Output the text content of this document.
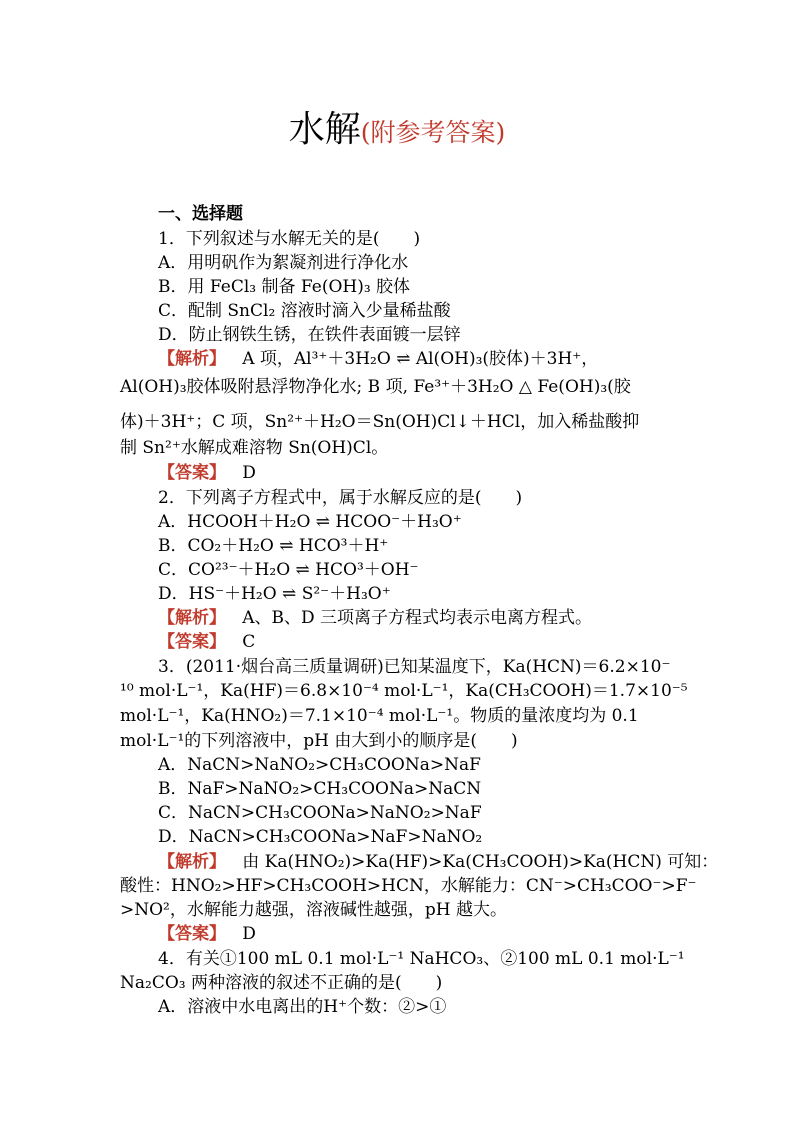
水解(附参考答案)
一、选择题
1．下列叙述与水解无关的是(　　)
A．用明矾作为絮凝剂进行净化水
B．用 FeCl₃ 制备 Fe(OH)₃ 胶体
C．配制 SnCl₂ 溶液时滴入少量稀盐酸
D．防止钢铁生锈，在铁件表面镀一层锌
【解析】 A 项，Al³⁺＋3H₂O ⇌ Al(OH)₃(胶体)＋3H⁺，
Al(OH)₃胶体吸附悬浮物净化水; B 项, Fe³⁺＋3H₂O △ Fe(OH)₃(胶
体)＋3H⁺；C 项，Sn²⁺＋H₂O＝Sn(OH)Cl↓＋HCl，加入稀盐酸抑
制 Sn²⁺水解成难溶物 Sn(OH)Cl。
【答案】 D
2．下列离子方程式中，属于水解反应的是(　　)
A．HCOOH＋H₂O ⇌ HCOO⁻＋H₃O⁺
B．CO₂＋H₂O ⇌ HCO³＋H⁺
C．CO²³⁻＋H₂O ⇌ HCO³＋OH⁻
D．HS⁻＋H₂O ⇌ S²⁻＋H₃O⁺
【解析】 A、B、D 三项离子方程式均表示电离方程式。
【答案】 C
3．(2011·烟台高三质量调研)已知某温度下，Ka(HCN)＝6.2×10⁻
¹⁰ mol·L⁻¹，Ka(HF)＝6.8×10⁻⁴ mol·L⁻¹，Ka(CH₃COOH)＝1.7×10⁻⁵
mol·L⁻¹，Ka(HNO₂)＝7.1×10⁻⁴ mol·L⁻¹。物质的量浓度均为 0.1
mol·L⁻¹的下列溶液中，pH 由大到小的顺序是(　　)
A．NaCN>NaNO₂>CH₃COONa>NaF
B．NaF>NaNO₂>CH₃COONa>NaCN
C．NaCN>CH₃COONa>NaNO₂>NaF
D．NaCN>CH₃COONa>NaF>NaNO₂
【解析】 由 Ka(HNO₂)>Ka(HF)>Ka(CH₃COOH)>Ka(HCN) 可知：
酸性：HNO₂>HF>CH₃COOH>HCN，水解能力：CN⁻>CH₃COO⁻>F⁻
>NO²，水解能力越强，溶液碱性越强，pH 越大。
【答案】 D
4．有关①100 mL 0.1 mol·L⁻¹ NaHCO₃、②100 mL 0.1 mol·L⁻¹
Na₂CO₃ 两种溶液的叙述不正确的是(　　)
A．溶液中水电离出的H⁺个数：②>①
